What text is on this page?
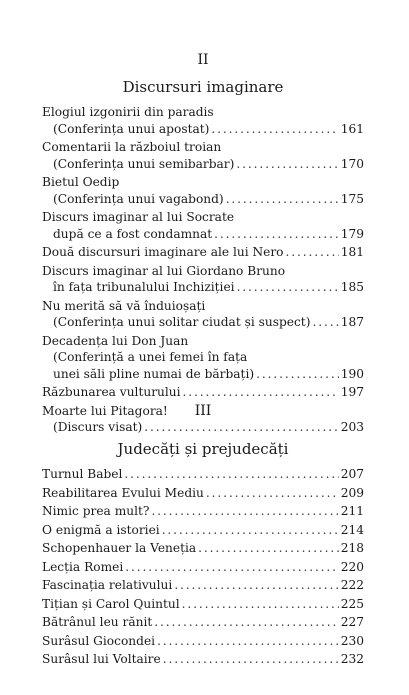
II
Discursuri imaginare
Elogiul izgonirii din paradis
(Conferința unui apostat) . . .	161
Comentarii la războiul troian
(Conferința unui semibarbar) . . .	170
Bietul Oedip
(Conferința unui vagabond) . . .	175
Discurs imaginar al lui Socrate
după ce a fost condamnat . . .	179
Două discursuri imaginare ale lui Nero . . .	181
Discurs imaginar al lui Giordano Bruno
în fața tribunalului Inchiziției . . .	185
Nu merită să vă înduioșați
(Conferința unui solitar ciudat și suspect) . . . 187
Decadența lui Don Juan
(Conferință a unei femei în fața
unei săli pline numai de bărbați) . . .	190
Răzbunarea vulturului . . .	197
Moarte lui Pitagora!
(Discurs visat) . . .	203
III
Judecăți și prejudecăți
Turnul Babel . . .	207
Reabilitarea Evului Mediu . . .	209
Nimic prea mult? . . .	211
O enigmă a istoriei . . .	214
Schopenhauer la Veneția . . .	218
Lecția Romei . . .	220
Fascinația relativului . . .	222
Tițian și Carol Quintul . . .	225
Bătrânul leu rănit . . .	227
Surâsul Giocondei . . .	230
Surâsul lui Voltaire . . .	232
